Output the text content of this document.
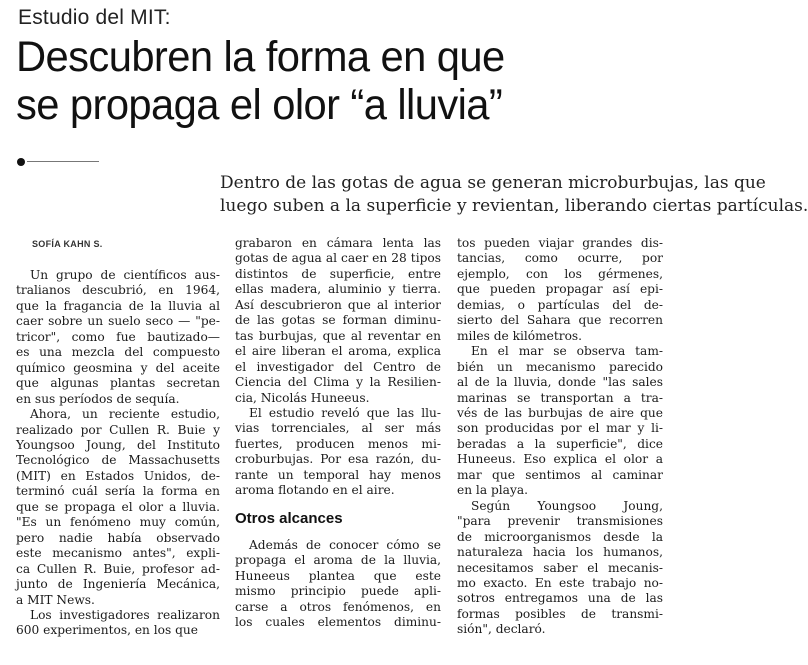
Estudio del MIT:
Descubren la forma en que
se propaga el olor “a lluvia”
Dentro de las gotas de agua se generan microburbujas, las que
luego suben a la superficie y revientan, liberando ciertas partículas.
SOFÍA KAHN S.
Un grupo de científicos aus-
tralianos descubrió, en 1964,
que la fragancia de la lluvia al
caer sobre un suelo seco — "pe-
tricor", como fue bautizado—
es una mezcla del compuesto
químico geosmina y del aceite
que algunas plantas secretan
en sus períodos de sequía.
Ahora, un reciente estudio,
realizado por Cullen R. Buie y
Youngsoo Joung, del Instituto
Tecnológico de Massachusetts
(MIT) en Estados Unidos, de-
terminó cuál sería la forma en
que se propaga el olor a lluvia.
"Es un fenómeno muy común,
pero nadie había observado
este mecanismo antes", expli-
ca Cullen R. Buie, profesor ad-
junto de Ingeniería Mecánica,
a MIT News.
Los investigadores realizaron
600 experimentos, en los que
grabaron en cámara lenta las
gotas de agua al caer en 28 tipos
distintos de superficie, entre
ellas madera, aluminio y tierra.
Así descubrieron que al interior
de las gotas se forman diminu-
tas burbujas, que al reventar en
el aire liberan el aroma, explica
el investigador del Centro de
Ciencia del Clima y la Resilien-
cia, Nicolás Huneeus.
El estudio reveló que las llu-
vias torrenciales, al ser más
fuertes, producen menos mi-
croburbujas. Por esa razón, du-
rante un temporal hay menos
aroma flotando en el aire.
Otros alcances
Además de conocer cómo se
propaga el aroma de la lluvia,
Huneeus plantea que este
mismo principio puede apli-
carse a otros fenómenos, en
los cuales elementos diminu-
tos pueden viajar grandes dis-
tancias, como ocurre, por
ejemplo, con los gérmenes,
que pueden propagar así epi-
demias, o partículas del de-
sierto del Sahara que recorren
miles de kilómetros.
En el mar se observa tam-
bién un mecanismo parecido
al de la lluvia, donde "las sales
marinas se transportan a tra-
vés de las burbujas de aire que
son producidas por el mar y li-
beradas a la superficie", dice
Huneeus. Eso explica el olor a
mar que sentimos al caminar
en la playa.
Según Youngsoo Joung,
"para prevenir transmisiones
de microorganismos desde la
naturaleza hacia los humanos,
necesitamos saber el mecanis-
mo exacto. En este trabajo no-
sotros entregamos una de las
formas posibles de transmi-
sión", declaró.
